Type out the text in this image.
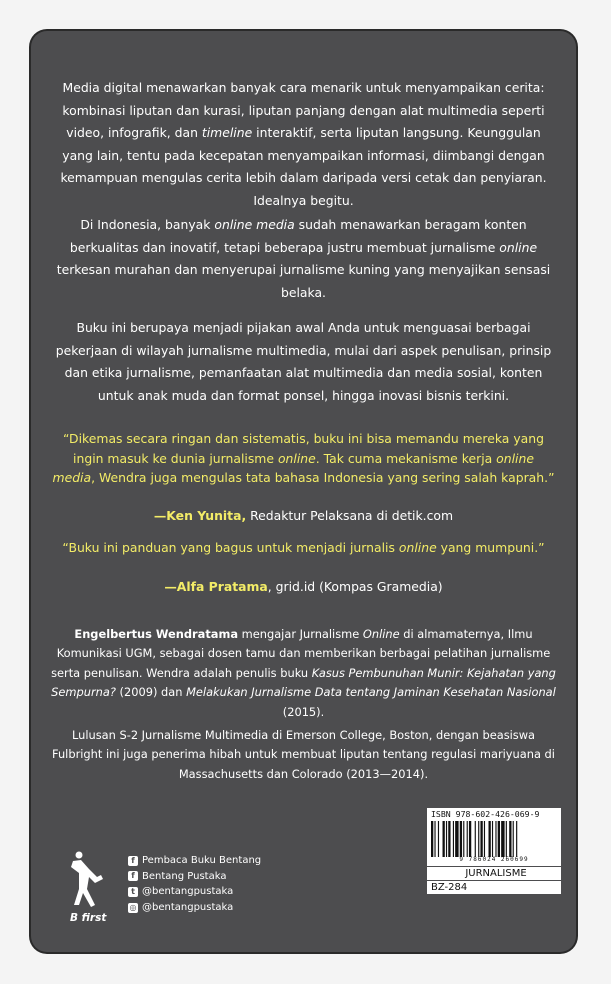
Media digital menawarkan banyak cara menarik untuk menyampaikan cerita: kombinasi liputan dan kurasi, liputan panjang dengan alat multimedia seperti video, infografik, dan timeline interaktif, serta liputan langsung. Keunggulan yang lain, tentu pada kecepatan menyampaikan informasi, diimbangi dengan kemampuan mengulas cerita lebih dalam daripada versi cetak dan penyiaran. Idealnya begitu.

Di Indonesia, banyak online media sudah menawarkan beragam konten berkualitas dan inovatif, tetapi beberapa justru membuat jurnalisme online terkesan murahan dan menyerupai jurnalisme kuning yang menyajikan sensasi belaka.

Buku ini berupaya menjadi pijakan awal Anda untuk menguasai berbagai pekerjaan di wilayah jurnalisme multimedia, mulai dari aspek penulisan, prinsip dan etika jurnalisme, pemanfaatan alat multimedia dan media sosial, konten untuk anak muda dan format ponsel, hingga inovasi bisnis terkini.

“Dikemas secara ringan dan sistematis, buku ini bisa memandu mereka yang ingin masuk ke dunia jurnalisme online. Tak cuma mekanisme kerja online media, Wendra juga mengulas tata bahasa Indonesia yang sering salah kaprah.”

—Ken Yunita, Redaktur Pelaksana di detik.com

“Buku ini panduan yang bagus untuk menjadi jurnalis online yang mumpuni.”

—Alfa Pratama, grid.id (Kompas Gramedia)

Engelbertus Wendratama mengajar Jurnalisme Online di almamaternya, Ilmu Komunikasi UGM, sebagai dosen tamu dan memberikan berbagai pelatihan jurnalisme serta penulisan. Wendra adalah penulis buku Kasus Pembunuhan Munir: Kejahatan yang Sempurna? (2009) dan Melakukan Jurnalisme Data tentang Jaminan Kesehatan Nasional (2015).

Lulusan S-2 Jurnalisme Multimedia di Emerson College, Boston, dengan beasiswa Fulbright ini juga penerima hibah untuk membuat liputan tentang regulasi mariyuana di Massachusetts dan Colorado (2013—2014).

B first
f Pembaca Buku Bentang
f Bentang Pustaka
t @bentangpustaka
◎ @bentangpustaka
ISBN 978-602-426-069-9
9 786024 260699
JURNALISME
BZ-284
